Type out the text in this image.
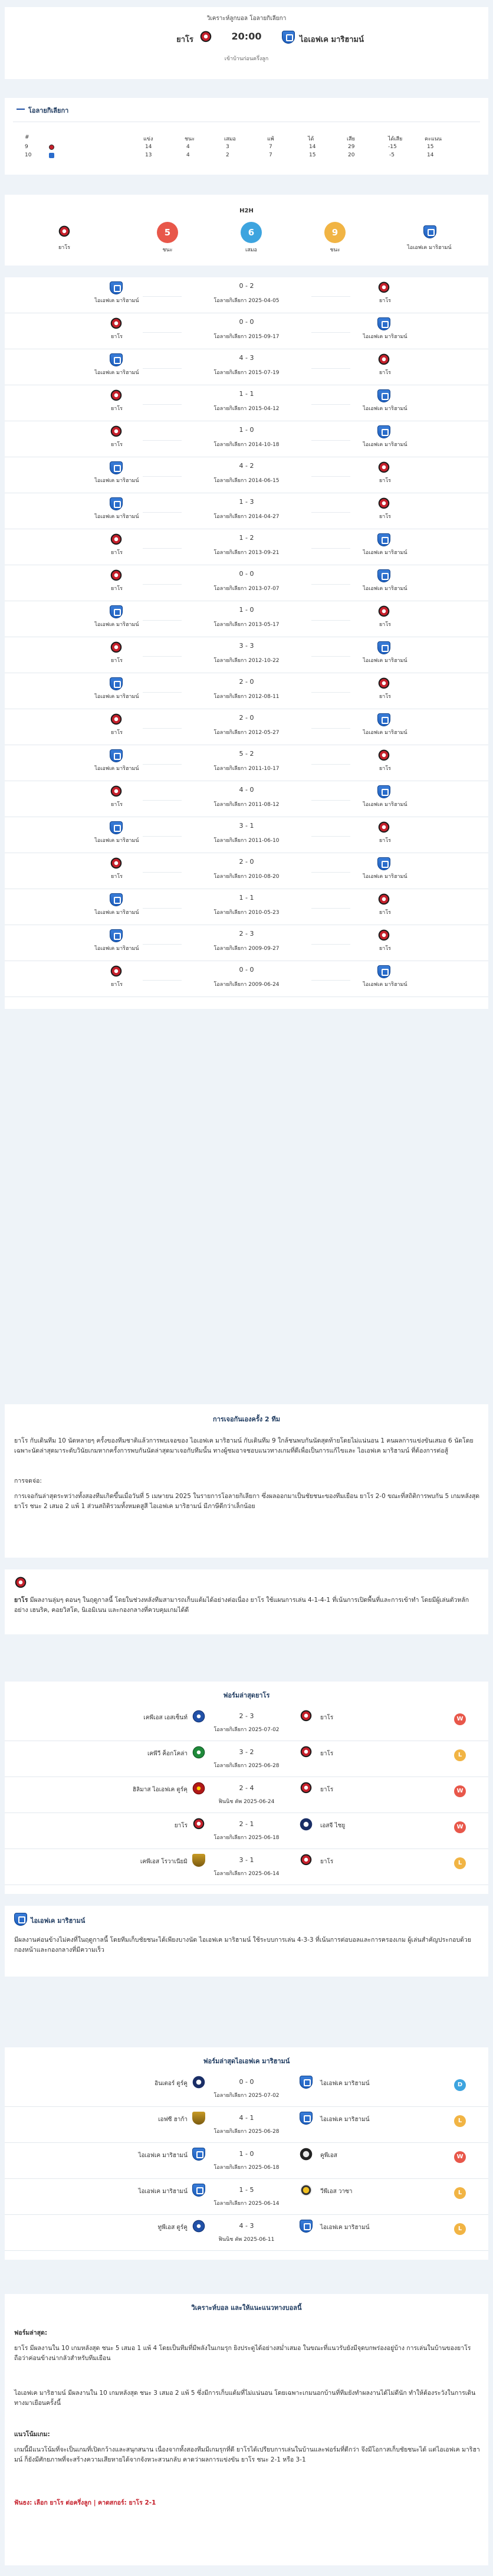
วิเคราะห์ลูกบอล โอลายกิเลียกา
ยาโร	20:00	ไอเอฟเค มาริฮามน์
เข้าบ้านก่อนครึ่งลูก
โอลายกิเลียกา
#	แข่ง	ชนะ	เสมอ	แพ้	ได้	เสีย	ได้เสีย	คะแนน
9	14	4	3	7	14	29	-15	15
10	13	4	2	7	15	20	-5	14
H2H
ยาโร
5
ชนะ
6
เสมอ
9
ชนะ	ไอเอฟเค มาริฮามน์
0 - 2
ไอเอฟเค มาริฮามน์	โอลายกิเลียกา 2025-04-05	ยาโร
0 - 0
ยาโร	โอลายกิเลียกา 2015-09-17	ไอเอฟเค มาริฮามน์
4 - 3
ไอเอฟเค มาริฮามน์	โอลายกิเลียกา 2015-07-19	ยาโร
1 - 1
ยาโร	โอลายกิเลียกา 2015-04-12	ไอเอฟเค มาริฮามน์
1 - 0
ยาโร	โอลายกิเลียกา 2014-10-18	ไอเอฟเค มาริฮามน์
4 - 2
ไอเอฟเค มาริฮามน์	โอลายกิเลียกา 2014-06-15	ยาโร
1 - 3
ไอเอฟเค มาริฮามน์	โอลายกิเลียกา 2014-04-27	ยาโร
1 - 2
ยาโร	โอลายกิเลียกา 2013-09-21	ไอเอฟเค มาริฮามน์
0 - 0
ยาโร	โอลายกิเลียกา 2013-07-07	ไอเอฟเค มาริฮามน์
1 - 0
ไอเอฟเค มาริฮามน์	โอลายกิเลียกา 2013-05-17	ยาโร
3 - 3
ยาโร	โอลายกิเลียกา 2012-10-22	ไอเอฟเค มาริฮามน์
2 - 0
ไอเอฟเค มาริฮามน์	โอลายกิเลียกา 2012-08-11	ยาโร
2 - 0
ยาโร	โอลายกิเลียกา 2012-05-27	ไอเอฟเค มาริฮามน์
5 - 2
ไอเอฟเค มาริฮามน์	โอลายกิเลียกา 2011-10-17	ยาโร
4 - 0
ยาโร	โอลายกิเลียกา 2011-08-12	ไอเอฟเค มาริฮามน์
3 - 1
ไอเอฟเค มาริฮามน์	โอลายกิเลียกา 2011-06-10	ยาโร
2 - 0
ยาโร	โอลายกิเลียกา 2010-08-20	ไอเอฟเค มาริฮามน์
1 - 1
ไอเอฟเค มาริฮามน์	โอลายกิเลียกา 2010-05-23	ยาโร
2 - 3
ไอเอฟเค มาริฮามน์	โอลายกิเลียกา 2009-09-27	ยาโร
0 - 0
ยาโร	โอลายกิเลียกา 2009-06-24	ไอเอฟเค มาริฮามน์
การเจอกันเองครั้ง 2 ทีม
ยาโร กับเดินทีม 10 นัดหลายๆ ครั้งของทีมชาติแล้วการพบเจอของ ไอเอฟเค มาริฮามน์ กับเดินทีม 9 ใกล้ชนพบกันนัดสุดท้ายโดยไม่แน่นอน 1 คนผลการแข่งขันเสมอ 6 นัดโดยเฉพาะนัดล่าสุดมาระดับวินัยเกมหากครั้งการพบกันนัดล่าสุดมาเจอกับทีมนั้น ทางผู้ชมอาจชอบแนวทางเกมที่ดีเพื่อเป็นการแก้ไขและ ไอเอฟเค มาริฮามน์ ที่ต้องการต่อสู้
การจดจ่อ:
การเจอกันล่าสุดระหว่างทั้งสองทีมเกิดขึ้นเมื่อวันที่ 5 เมษายน 2025 ในรายการโอลายกิเลียกา ซึ่งผลออกมาเป็นชัยชนะของทีมเยือน ยาโร 2-0 ขณะที่สถิติการพบกัน 5 เกมหลังสุด ยาโร ชนะ 2 เสมอ 2 แพ้ 1 ส่วนสถิติรวมทั้งหมดสูสี ไอเอฟเค มาริฮามน์ มีภาษีดีกว่าเล็กน้อย
ยาโร มีผลงานลุ่มๆ ดอนๆ ในฤดูกาลนี้ โดยในช่วงหลังทีมสามารถเก็บแต้มได้อย่างต่อเนื่อง ยาโร ใช้แผนการเล่น 4-1-4-1 ที่เน้นการเปิดพื้นที่และการเข้าทำ โดยมีผู้เล่นตัวหลักอย่าง เฮนริค, คอยวิสโต, นิเอมิเนน และกองกลางที่ควบคุมเกมได้ดี
ฟอร์มล่าสุดยาโร
เคพีเอส เอสเซ็นท์	2 - 3
โอลายกิเลียกา 2025-07-02
ยาโร	W
เคพีวี ค็อกโคล่า	3 - 2
โอลายกิเลียกา 2025-06-28
ยาโร	L
ฮิลิมาส ไอเอฟเค ตูร์คุ	2 - 4
ฟินนิช คัพ 2025-06-24
ยาโร	W
ยาโร	2 - 1
โอลายกิเลียกา 2025-06-18
เอสจี ไชยู	W
เคพีเอส โรวาเนียมิ	3 - 1
โอลายกิเลียกา 2025-06-14
ยาโร	L
ไอเอฟเค มาริฮามน์
มีผลงานค่อนข้างไม่คงที่ในฤดูกาลนี้ โดยทีมเก็บชัยชนะได้เพียงบางนัด ไอเอฟเค มาริฮามน์ ใช้ระบบการเล่น 4-3-3 ที่เน้นการต่อบอลและการครองเกม ผู้เล่นสำคัญประกอบด้วยกองหน้าและกองกลางที่มีความเร็ว
ฟอร์มล่าสุดไอเอฟเค มาริฮามน์
อินเตอร์ ตูร์คู	0 - 0
โอลายกิเลียกา 2025-07-02
ไอเอฟเค มาริฮามน์	D
เอฟซี ฮาก้า	4 - 1
โอลายกิเลียกา 2025-06-28
ไอเอฟเค มาริฮามน์	L
ไอเอฟเค มาริฮามน์	1 - 0
โอลายกิเลียกา 2025-06-18
คูพีเอส	W
ไอเอฟเค มาริฮามน์	1 - 5
โอลายกิเลียกา 2025-06-14
วีพีเอส วาซา	L
ทูพีเอส ตูร์คู	4 - 3
ฟินนิช คัพ 2025-06-11
ไอเอฟเค มาริฮามน์	L
วิเคราะห์บอล และให้แนะแนวทางบอลนี้
ฟอร์มล่าสุด:
ยาโร มีผลงานใน 10 เกมหลังสุด ชนะ 5 เสมอ 1 แพ้ 4 โดยเป็นทีมที่มีพลังในเกมรุก ยิงประตูได้อย่างสม่ำเสมอ ในขณะที่แนวรับยังมีจุดบกพร่องอยู่บ้าง การเล่นในบ้านของยาโรถือว่าค่อนข้างน่ากลัวสำหรับทีมเยือน
ไอเอฟเค มาริฮามน์ มีผลงานใน 10 เกมหลังสุด ชนะ 3 เสมอ 2 แพ้ 5 ซึ่งมีการเก็บแต้มที่ไม่แน่นอน โดยเฉพาะเกมนอกบ้านที่ทีมยังทำผลงานได้ไม่ดีนัก ทำให้ต้องระวังในการเดินทางมาเยือนครั้งนี้
แนวโน้มเกม:
เกมนี้มีแนวโน้มที่จะเป็นเกมที่เปิดกว้างและสนุกสนาน เนื่องจากทั้งสองทีมมีเกมรุกที่ดี ยาโรได้เปรียบการเล่นในบ้านและฟอร์มที่ดีกว่า จึงมีโอกาสเก็บชัยชนะได้ แต่ไอเอฟเค มาริฮามน์ ก็ยังมีศักยภาพที่จะสร้างความเสียหายได้จากจังหวะสวนกลับ คาดว่าผลการแข่งขัน ยาโร ชนะ 2-1 หรือ 3-1
ฟันธง: เลือก ยาโร ต่อครึ่งลูก | คาดสกอร์: ยาโร 2-1
